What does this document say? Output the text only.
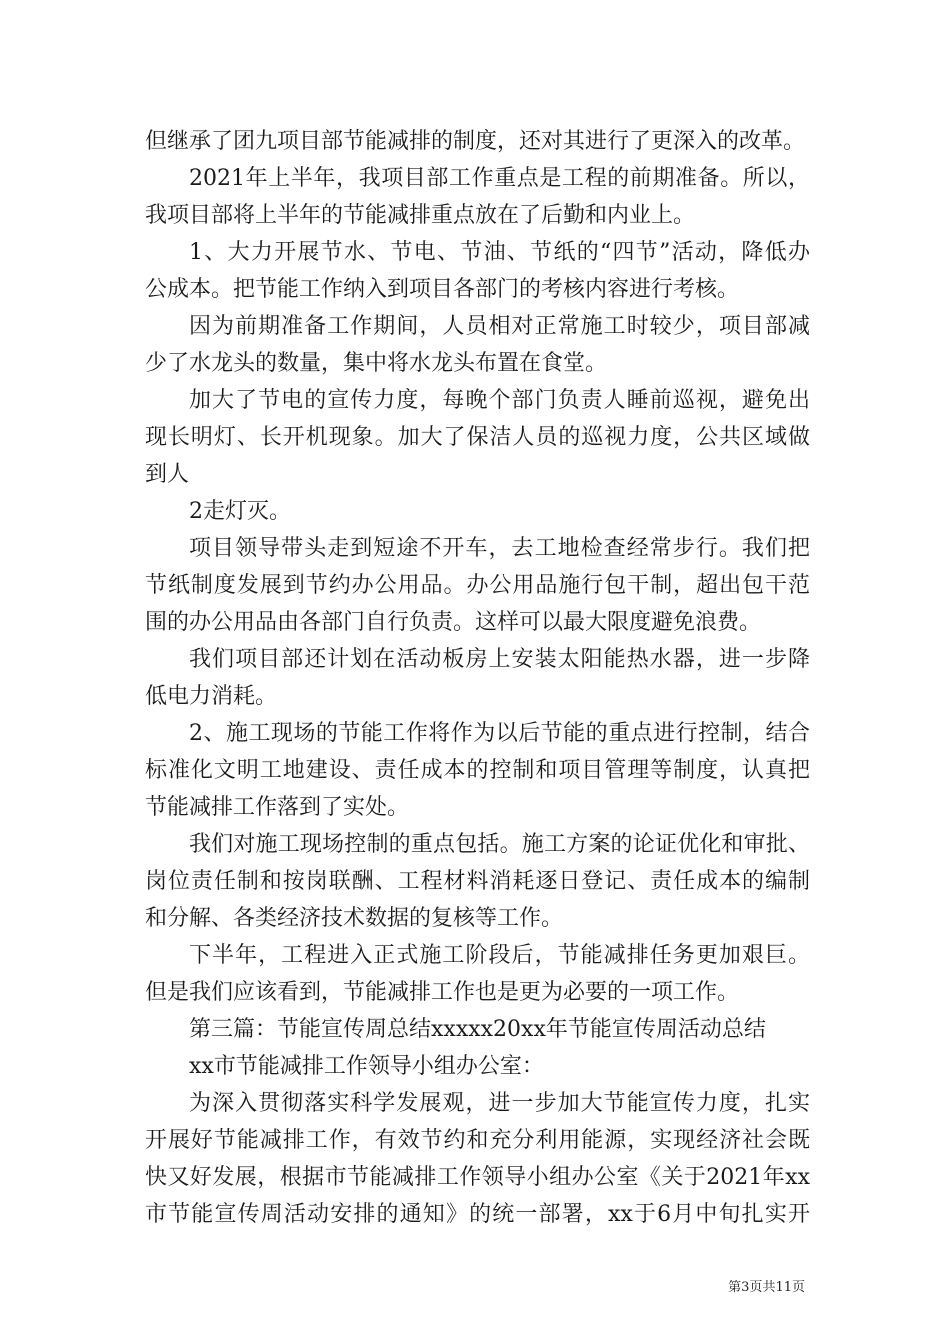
但继承了团九项目部节能减排的制度，还对其进行了更深入的改革。
2021年上半年，我项目部工作重点是工程的前期准备。所以，
我项目部将上半年的节能减排重点放在了后勤和内业上。
1、大力开展节水、节电、节油、节纸的“四节”活动，降低办
公成本。把节能工作纳入到项目各部门的考核内容进行考核。
因为前期准备工作期间，人员相对正常施工时较少，项目部减
少了水龙头的数量，集中将水龙头布置在食堂。
加大了节电的宣传力度，每晚个部门负责人睡前巡视，避免出
现长明灯、长开机现象。加大了保洁人员的巡视力度，公共区域做
到人
2走灯灭。
项目领导带头走到短途不开车，去工地检查经常步行。我们把
节纸制度发展到节约办公用品。办公用品施行包干制，超出包干范
围的办公用品由各部门自行负责。这样可以最大限度避免浪费。
我们项目部还计划在活动板房上安装太阳能热水器，进一步降
低电力消耗。
2、施工现场的节能工作将作为以后节能的重点进行控制，结合
标准化文明工地建设、责任成本的控制和项目管理等制度，认真把
节能减排工作落到了实处。
我们对施工现场控制的重点包括。施工方案的论证优化和审批、
岗位责任制和按岗联酬、工程材料消耗逐日登记、责任成本的编制
和分解、各类经济技术数据的复核等工作。
下半年，工程进入正式施工阶段后，节能减排任务更加艰巨。
但是我们应该看到，节能减排工作也是更为必要的一项工作。
第三篇：节能宣传周总结xxxxx20xx年节能宣传周活动总结
xx市节能减排工作领导小组办公室：
为深入贯彻落实科学发展观，进一步加大节能宣传力度，扎实
开展好节能减排工作，有效节约和充分利用能源，实现经济社会既
快又好发展，根据市节能减排工作领导小组办公室《关于2021年xx
市节能宣传周活动安排的通知》的统一部署，xx于6月中旬扎实开
第3页共11页
